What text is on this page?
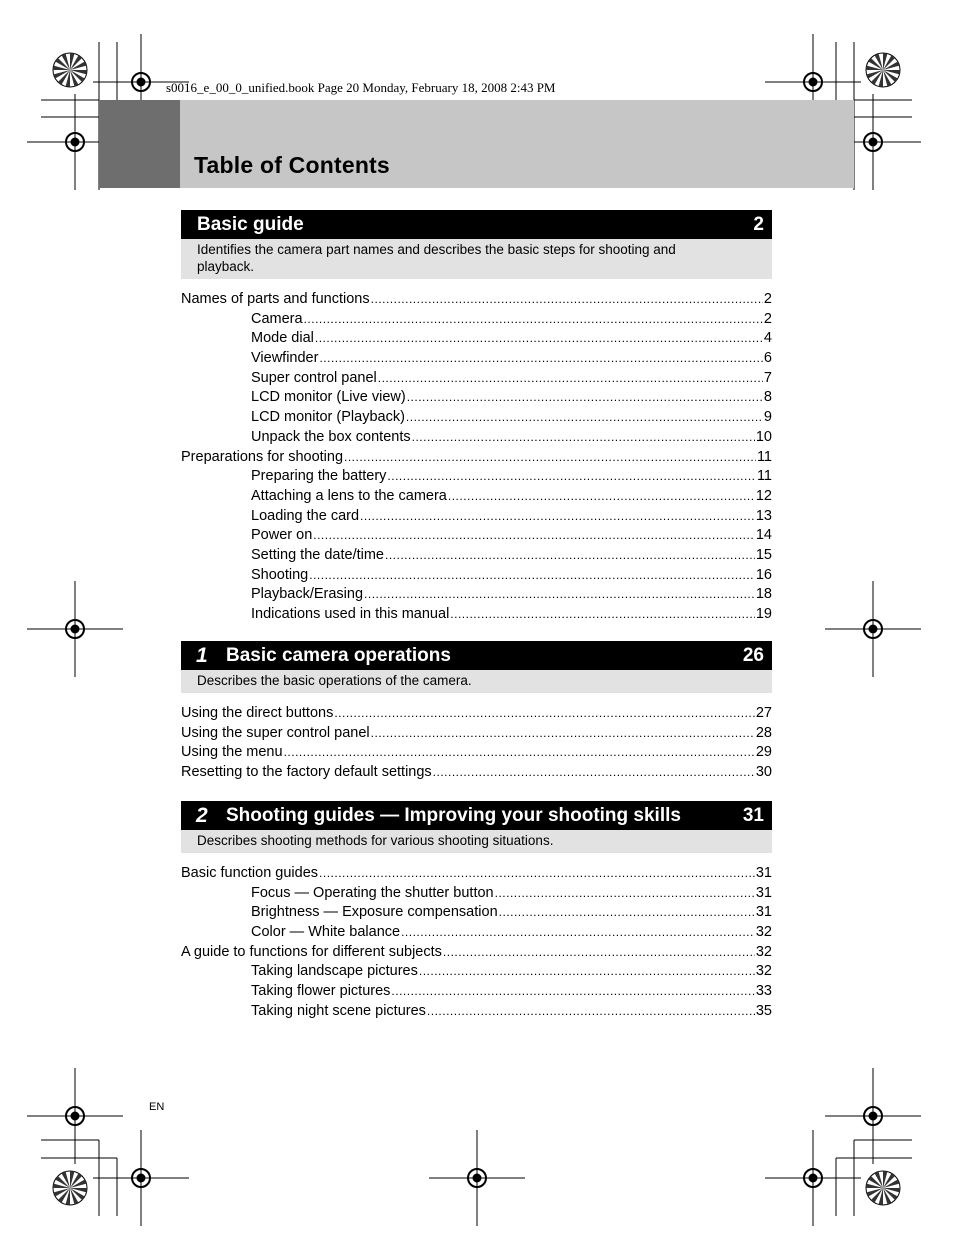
s0016_e_00_0_unified.book Page 20 Monday, February 18, 2008 2:43 PM
Table of Contents
Basic guide	2
Identifies the camera part names and describes the basic steps for shooting and playback.
Names of parts and functions .....	2
Camera .....	2
Mode dial .....	4
Viewfinder .....	6
Super control panel .....	7
LCD monitor (Live view) .....	8
LCD monitor (Playback) .....	9
Unpack the box contents .....	10
Preparations for shooting .....	11
Preparing the battery .....	11
Attaching a lens to the camera .....	12
Loading the card .....	13
Power on .....	14
Setting the date/time .....	15
Shooting .....	16
Playback/Erasing .....	18
Indications used in this manual .....	19
1 Basic camera operations	26
Describes the basic operations of the camera.
Using the direct buttons .....	27
Using the super control panel .....	28
Using the menu .....	29
Resetting to the factory default settings .....	30
2 Shooting guides — Improving your shooting skills	31
Describes shooting methods for various shooting situations.
Basic function guides .....	31
Focus — Operating the shutter button .....	31
Brightness — Exposure compensation .....	31
Color — White balance .....	32
A guide to functions for different subjects .....	32
Taking landscape pictures .....	32
Taking flower pictures .....	33
Taking night scene pictures .....	35
EN
